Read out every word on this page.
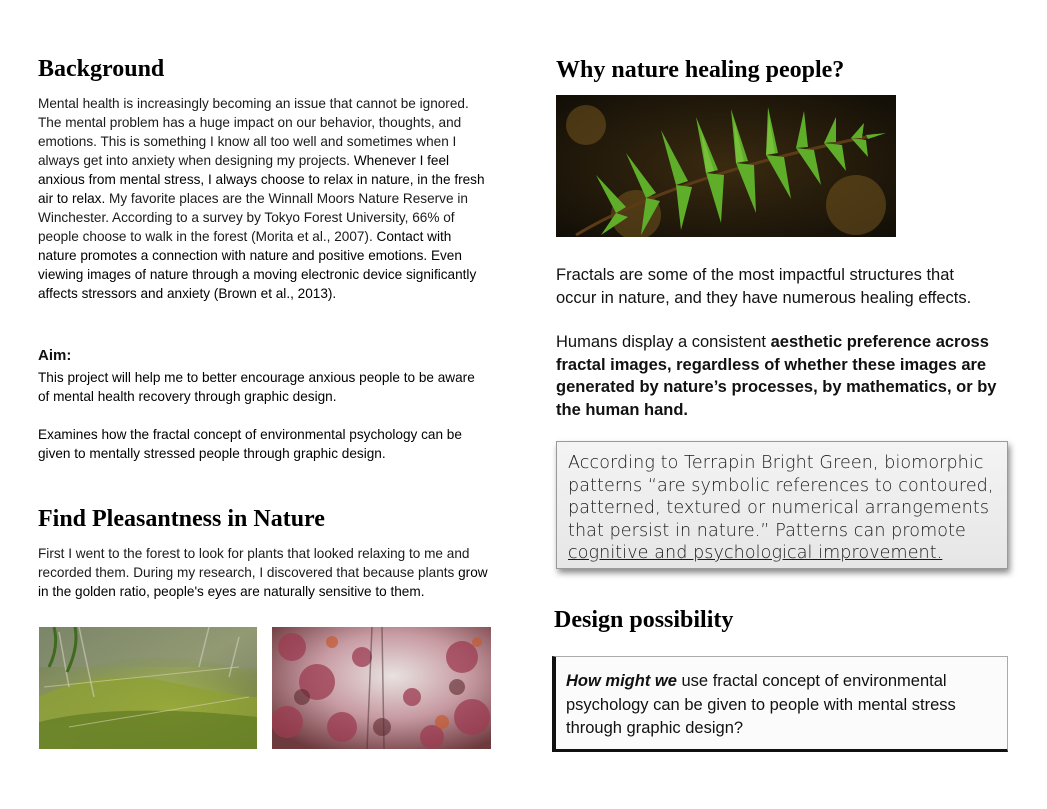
Background

Mental health is increasingly becoming an issue that cannot be ignored. The mental problem has a huge impact on our behavior, thoughts, and emotions. This is something I know all too well and sometimes when I always get into anxiety when designing my projects. Whenever I feel anxious from mental stress, I always choose to relax in nature, in the fresh air to relax. My favorite places are the Winnall Moors Nature Reserve in Winchester. According to a survey by Tokyo Forest University, 66% of people choose to walk in the forest (Morita et al., 2007). Contact with nature promotes a connection with nature and positive emotions. Even viewing images of nature through a moving electronic device significantly affects stressors and anxiety (Brown et al., 2013).

Aim:

This project will help me to better encourage anxious people to be aware of mental health recovery through graphic design.

Examines how the fractal concept of environmental psychology can be given to mentally stressed people through graphic design.

Find Pleasantness in Nature

First I went to the forest to look for plants that looked relaxing to me and recorded them. During my research, I discovered that because plants grow in the golden ratio, people's eyes are naturally sensitive to them.

Why nature healing people?

Fractals are some of the most impactful structures that occur in nature, and they have numerous healing effects.

Humans display a consistent aesthetic preference across fractal images, regardless of whether these images are generated by nature’s processes, by mathematics, or by the human hand.

According to Terrapin Bright Green, biomorphic patterns “are symbolic references to contoured, patterned, textured or numerical arrangements that persist in nature.” Patterns can promote cognitive and psychological improvement.

Design possibility

How might we use fractal concept of environmental psychology can be given to people with mental stress through graphic design?
